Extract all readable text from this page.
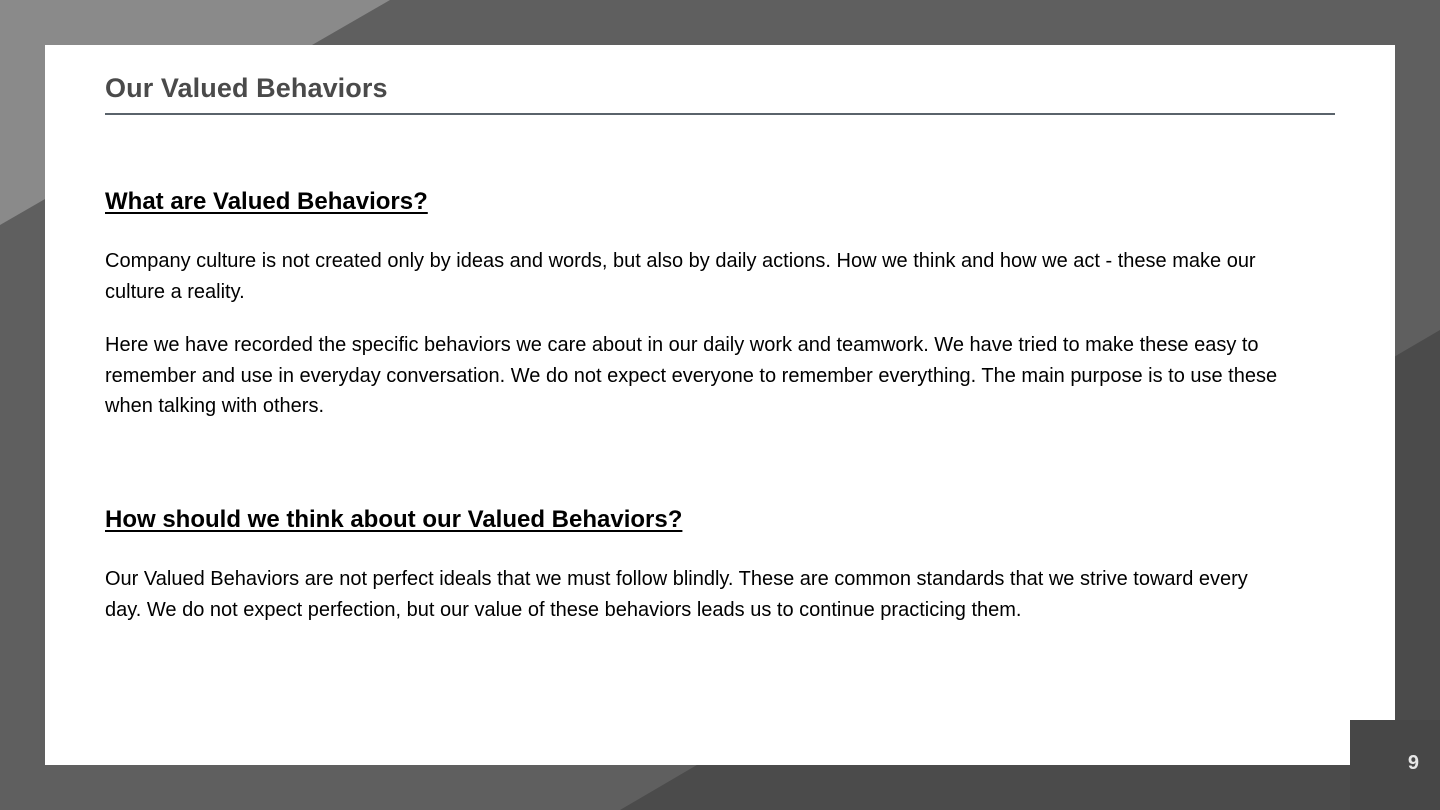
Our Valued Behaviors
What are Valued Behaviors?

Company culture is not created only by ideas and words, but also by daily actions. How we think and how we act - these make our culture a reality.

Here we have recorded the specific behaviors we care about in our daily work and teamwork. We have tried to make these easy to remember and use in everyday conversation. We do not expect everyone to remember everything. The main purpose is to use these when talking with others.

How should we think about our Valued Behaviors?

Our Valued Behaviors are not perfect ideals that we must follow blindly. These are common standards that we strive toward every day. We do not expect perfection, but our value of these behaviors leads us to continue practicing them.

9
